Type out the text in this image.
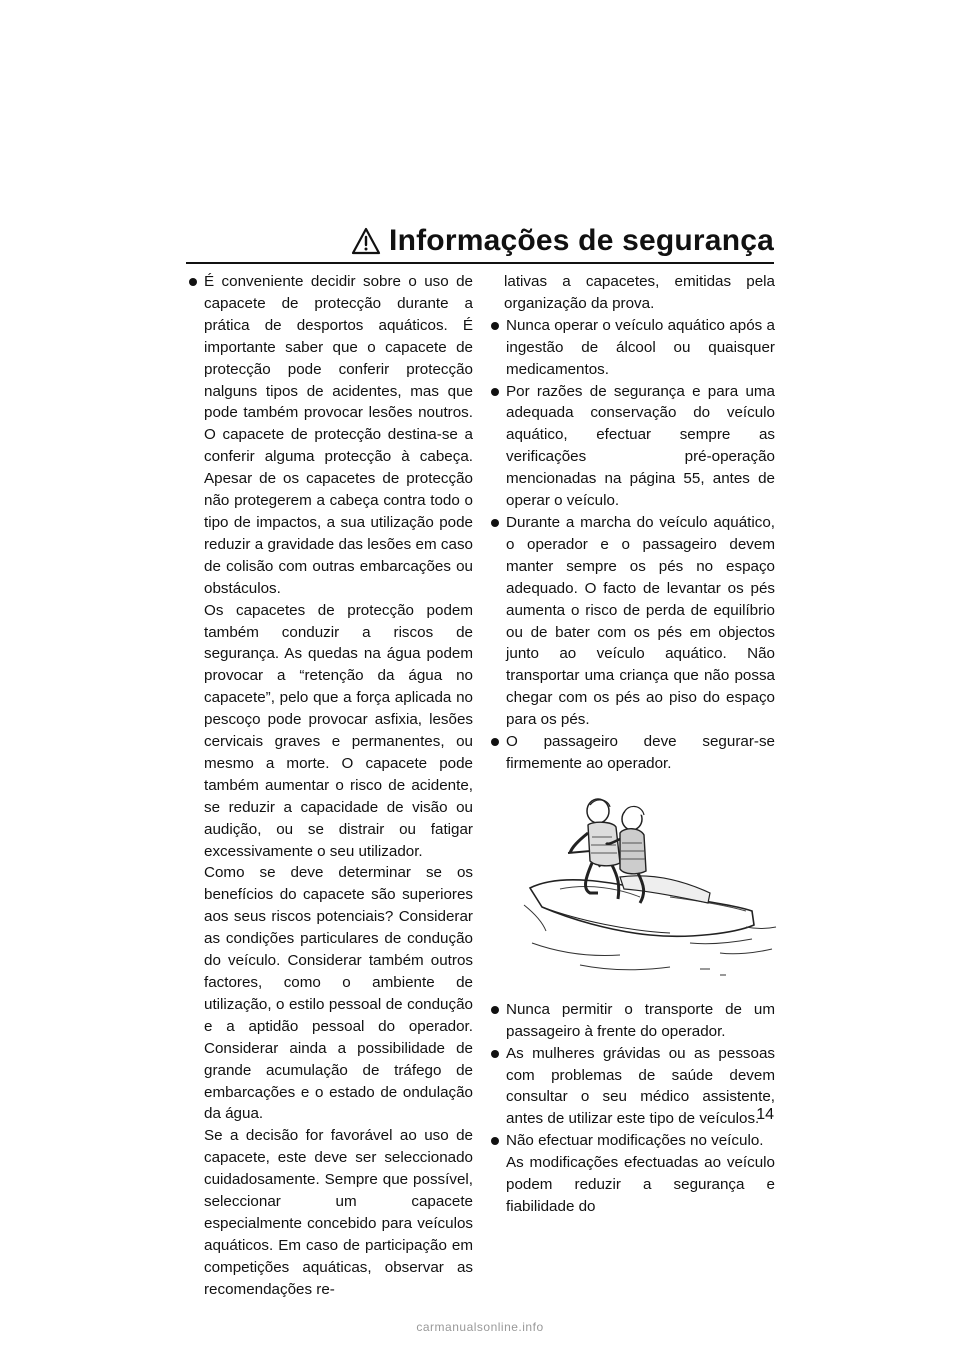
Informações de segurança

É conveniente decidir sobre o uso de capacete de protecção durante a prática de desportos aquáticos. É importante saber que o capacete de protecção pode conferir protecção nalguns tipos de acidentes, mas que pode também provocar lesões noutros. O capacete de protecção destina-se a conferir alguma protecção à cabeça. Apesar de os capacetes de protecção não protegerem a cabeça contra todo o tipo de impactos, a sua utilização pode reduzir a gravidade das lesões em caso de colisão com outras embarcações ou obstáculos.

Os capacetes de protecção podem também conduzir a riscos de segurança. As quedas na água podem provocar a “retenção da água no capacete”, pelo que a força aplicada no pescoço pode provocar asfixia, lesões cervicais graves e permanentes, ou mesmo a morte. O capacete pode também aumentar o risco de acidente, se reduzir a capacidade de visão ou audição, ou se distrair ou fatigar excessivamente o seu utilizador.

Como se deve determinar se os benefícios do capacete são superiores aos seus riscos potenciais? Considerar as condições particulares de condução do veículo. Considerar também outros factores, como o ambiente de utilização, o estilo pessoal de condução e a aptidão pessoal do operador. Considerar ainda a possibilidade de grande acumulação de tráfego de embarcações e o estado de ondulação da água.

Se a decisão for favorável ao uso de capacete, este deve ser seleccionado cuidadosamente. Sempre que possível, seleccionar um capacete especialmente concebido para veículos aquáticos. Em caso de participação em competições aquáticas, observar as recomendações re-

lativas a capacetes, emitidas pela organização da prova.

Nunca operar o veículo aquático após a ingestão de álcool ou quaisquer medicamentos.

Por razões de segurança e para uma adequada conservação do veículo aquático, efectuar sempre as verificações pré-operação mencionadas na página 55, antes de operar o veículo.

Durante a marcha do veículo aquático, o operador e o passageiro devem manter sempre os pés no espaço adequado. O facto de levantar os pés aumenta o risco de perda de equilíbrio ou de bater com os pés em objectos junto ao veículo aquático. Não transportar uma criança que não possa chegar com os pés ao piso do espaço para os pés.

O passageiro deve segurar-se firmemente ao operador.

Nunca permitir o transporte de um passageiro à frente do operador.

As mulheres grávidas ou as pessoas com problemas de saúde devem consultar o seu médico assistente, antes de utilizar este tipo de veículos.

Não efectuar modificações no veículo.

As modificações efectuadas ao veículo podem reduzir a segurança e fiabilidade do

14
carmanualsonline.info
